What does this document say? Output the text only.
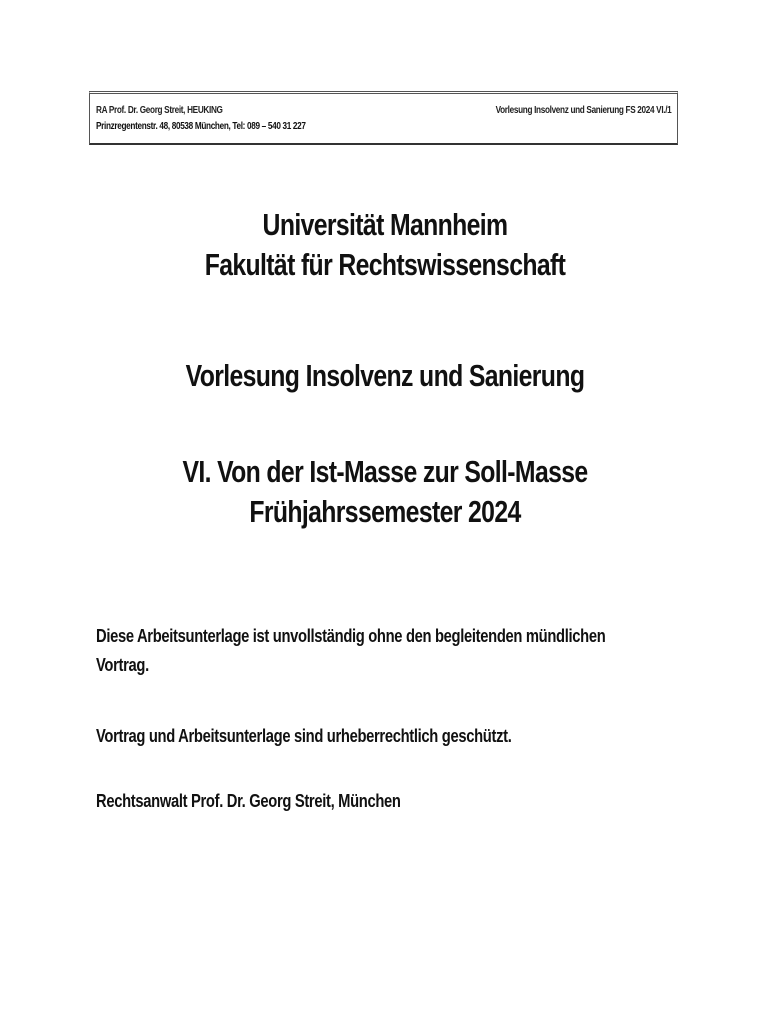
RA Prof. Dr. Georg Streit, HEUKING
Prinzregentenstr. 48, 80538 München, Tel: 089 – 540 31 227
Vorlesung Insolvenz und Sanierung FS 2024 VI./1
Universität Mannheim
Fakultät für Rechtswissenschaft
Vorlesung Insolvenz und Sanierung
VI. Von der Ist-Masse zur Soll-Masse
Frühjahrssemester 2024
Diese Arbeitsunterlage ist unvollständig ohne den begleitenden mündlichen
Vortrag.
Vortrag und Arbeitsunterlage sind urheberrechtlich geschützt.
Rechtsanwalt Prof. Dr. Georg Streit, München
